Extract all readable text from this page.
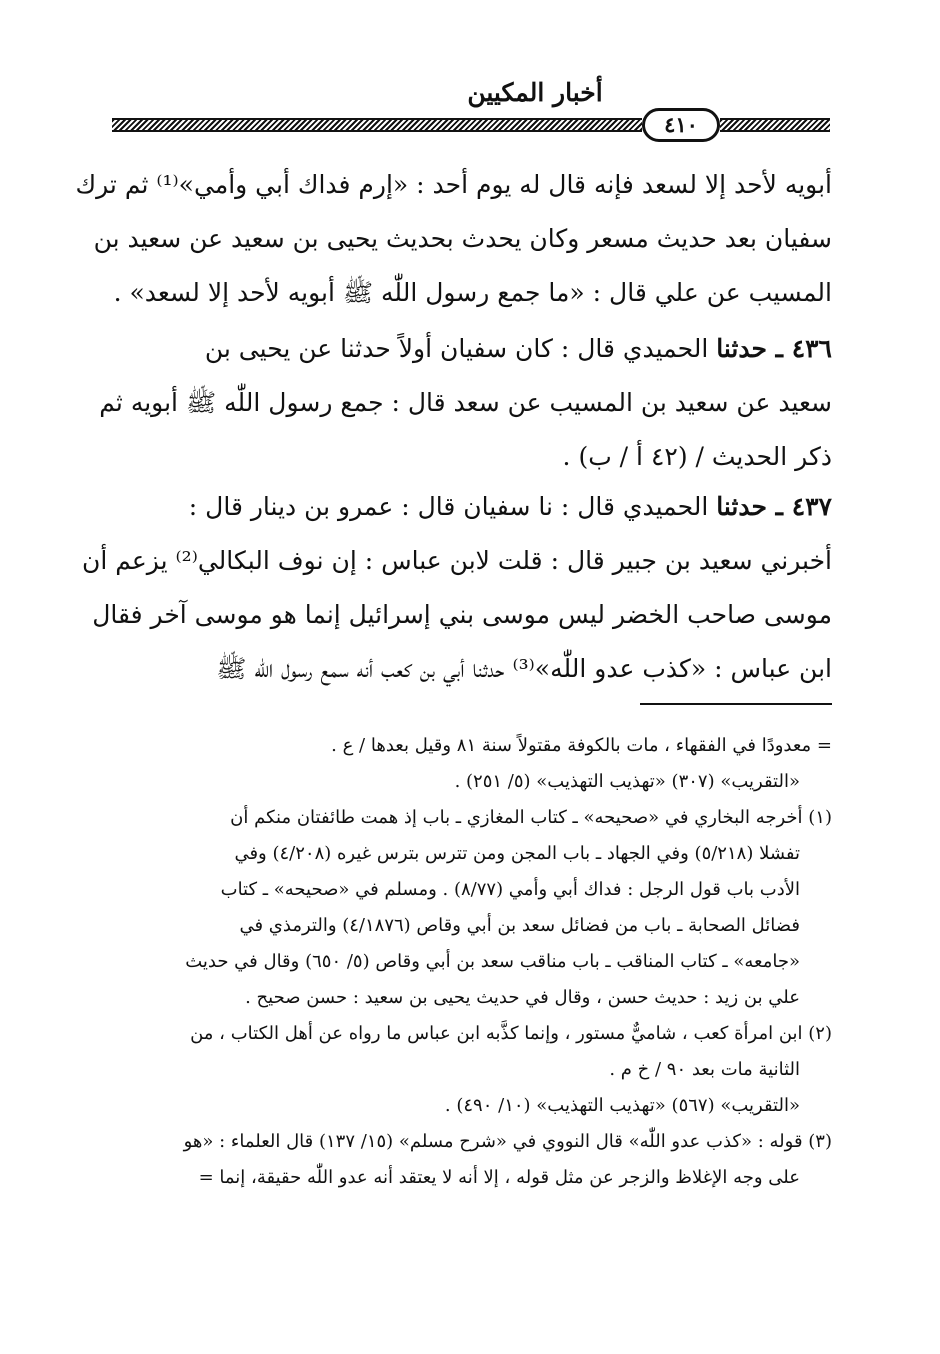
أخبار المكيين
٤١٠
أبويه لأحد إلا لسعد فإنه قال له يوم أحد : «إرم فداك أبي وأمي»⁽¹⁾ ثم ترك
سفيان بعد حديث مسعر وكان يحدث بحديث يحيى بن سعيد عن سعيد بن
المسيب عن علي قال : «ما جمع رسول اللّٰه ﷺ أبويه لأحد إلا لسعد» .
٤٣٦ ـ حدثنا الحميدي قال : كان سفيان أولاً حدثنا عن يحيى بن
سعيد عن سعيد بن المسيب عن سعد قال : جمع رسول اللّٰه ﷺ أبويه ثم
ذكر الحديث / (٤٢ أ / ب) .
٤٣٧ ـ حدثنا الحميدي قال : نا سفيان قال : عمرو بن دينار قال :
أخبرني سعيد بن جبير قال : قلت لابن عباس : إن نوف البكالي⁽²⁾ يزعم أن
موسى صاحب الخضر ليس موسى بني إسرائيل إنما هو موسى آخر فقال
ابن عباس : «كذب عدو اللّٰه»⁽³⁾ حدثنا أبي بن كعب أنه سمع رسول اللّٰه ﷺ
= معدودًا في الفقهاء ، مات بالكوفة مقتولاً سنة ٨١ وقيل بعدها / ع .
«التقريب» (٣٠٧) «تهذيب التهذيب» (٥/ ٢٥١) .
(١) أخرجه البخاري في «صحيحه» ـ كتاب المغازي ـ باب إذ همت طائفتان منكم أن
تفشلا (٥/٢١٨) وفي الجهاد ـ باب المجن ومن تترس بترس غيره (٤/٢٠٨) وفي
الأدب باب قول الرجل : فداك أبي وأمي (٨/٧٧) . ومسلم في «صحيحه» ـ كتاب
فضائل الصحابة ـ باب من فضائل سعد بن أبي وقاص (٤/١٨٧٦) والترمذي في
«جامعه» ـ كتاب المناقب ـ باب مناقب سعد بن أبي وقاص (٥/ ٦٥٠) وقال في حديث
علي بن زيد : حديث حسن ، وقال في حديث يحيى بن سعيد : حسن صحيح .
(٢) ابن امرأة كعب ، شاميٌّ مستور ، وإنما كذَّبه ابن عباس ما رواه عن أهل الكتاب ، من
الثانية مات بعد ٩٠ / خ م .
«التقريب» (٥٦٧) «تهذيب التهذيب» (١٠/ ٤٩٠) .
(٣) قوله : «كذب عدو اللّٰه» قال النووي في «شرح مسلم» (١٥/ ١٣٧) قال العلماء : «هو
على وجه الإغلاظ والزجر عن مثل قوله ، إلا أنه لا يعتقد أنه عدو اللّٰه حقيقة، إنما =
